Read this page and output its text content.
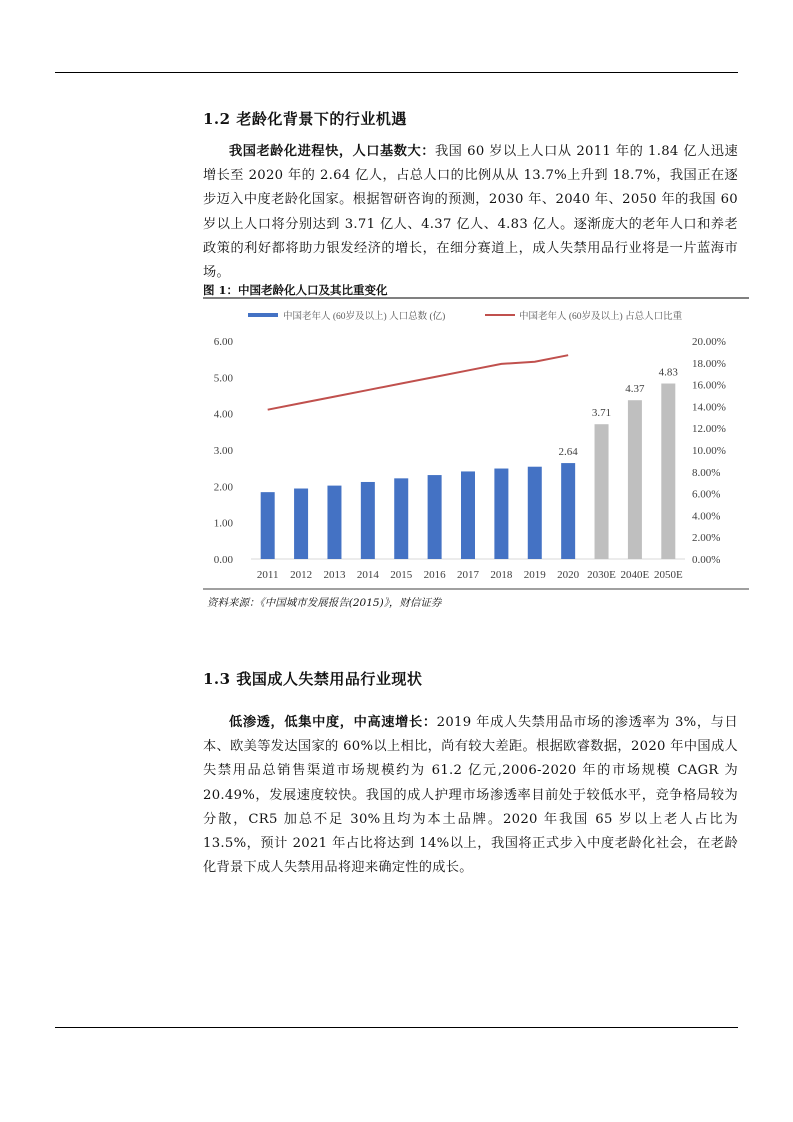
1.2 老龄化背景下的行业机遇

我国老龄化进程快，人口基数大：我国 60 岁以上人口从 2011 年的 1.84 亿人迅速增长至 2020 年的 2.64 亿人，占总人口的比例从从 13.7%上升到 18.7%，我国正在逐步迈入中度老龄化国家。根据智研咨询的预测，2030 年、2040 年、2050 年的我国 60 岁以上人口将分别达到 3.71 亿人、4.37 亿人、4.83 亿人。逐渐庞大的老年人口和养老政策的利好都将助力银发经济的增长，在细分赛道上，成人失禁用品行业将是一片蓝海市场。

图 1：中国老龄化人口及其比重变化
中国老年人 (60岁及以上) 人口总数 (亿)	中国老年人 (60岁及以上) 占总人口比重
0.00
1.00
2.00
3.00
4.00
5.00
6.00
0.00%
2.00%
4.00%
6.00%
8.00%
10.00%
12.00%
14.00%
16.00%
18.00%
20.00%
2011 2012 2013 2014 2015 2016 2017 2018 2019 2020 2030E 2040E 2050E
2.64
3.71
4.37
4.83
资料来源：《中国城市发展报告(2015)》，财信证券
1.3 我国成人失禁用品行业现状

低渗透，低集中度，中高速增长：2019 年成人失禁用品市场的渗透率为 3%，与日本、欧美等发达国家的 60%以上相比，尚有较大差距。根据欧睿数据，2020 年中国成人失禁用品总销售渠道市场规模约为 61.2 亿元,2006-2020 年的市场规模 CAGR 为 20.49%，发展速度较快。我国的成人护理市场渗透率目前处于较低水平，竞争格局较为分散，CR5 加总不足 30%且均为本土品牌。2020 年我国 65 岁以上老人占比为 13.5%，预计 2021 年占比将达到 14%以上，我国将正式步入中度老龄化社会，在老龄化背景下成人失禁用品将迎来确定性的成长。
